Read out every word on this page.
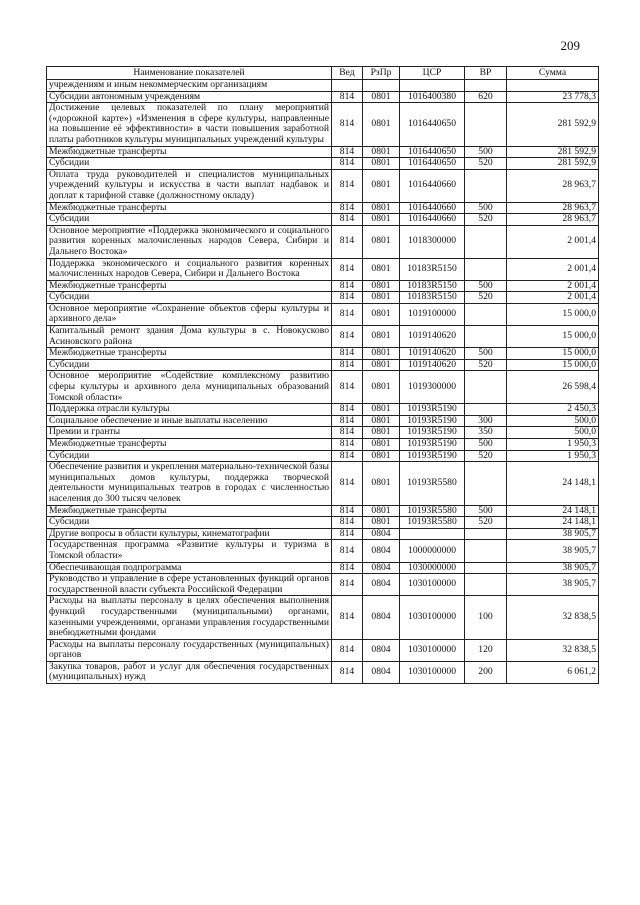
209
Наименование показателей	Вед	РзПр	ЦСР	ВР	Сумма
учреждениям и иным некоммерческим организациям					
Субсидии автономным учреждениям	814	0801	1016400380	620	23 778,3
Достижение целевых показателей по плану мероприятий («дорожной карте») «Изменения в сфере культуры, направленные на повышение её эффективности» в части повышения заработной платы работников культуры муниципальных учреждений культуры	814	0801	1016440650		281 592,9
Межбюджетные трансферты	814	0801	1016440650	500	281 592,9
Субсидии	814	0801	1016440650	520	281 592,9
Оплата труда руководителей и специалистов муниципальных учреждений культуры и искусства в части выплат надбавок и доплат к тарифной ставке (должностному окладу)	814	0801	1016440660		28 963,7
Межбюджетные трансферты	814	0801	1016440660	500	28 963,7
Субсидии	814	0801	1016440660	520	28 963,7
Основное мероприятие «Поддержка экономического и социального развития коренных малочисленных народов Севера, Сибири и Дальнего Востока»	814	0801	1018300000		2 001,4
Поддержка экономического и социального развития коренных малочисленных народов Севера, Сибири и Дальнего Востока	814	0801	10183R5150		2 001,4
Межбюджетные трансферты	814	0801	10183R5150	500	2 001,4
Субсидии	814	0801	10183R5150	520	2 001,4
Основное мероприятие «Сохранение объектов сферы культуры и архивного дела»	814	0801	1019100000		15 000,0
Капитальный ремонт здания Дома культуры в с. Новокусково Асиновского района	814	0801	1019140620		15 000,0
Межбюджетные трансферты	814	0801	1019140620	500	15 000,0
Субсидии	814	0801	1019140620	520	15 000,0
Основное мероприятие «Содействие комплексному развитию сферы культуры и архивного дела муниципальных образований Томской области»	814	0801	1019300000		26 598,4
Поддержка отрасли культуры	814	0801	10193R5190		2 450,3
Социальное обеспечение и иные выплаты населению	814	0801	10193R5190	300	500,0
Премии и гранты	814	0801	10193R5190	350	500,0
Межбюджетные трансферты	814	0801	10193R5190	500	1 950,3
Субсидии	814	0801	10193R5190	520	1 950,3
Обеспечение развития и укрепления материально-технической базы муниципальных домов культуры, поддержка творческой деятельности муниципальных театров в городах с численностью населения до 300 тысяч человек	814	0801	10193R5580		24 148,1
Межбюджетные трансферты	814	0801	10193R5580	500	24 148,1
Субсидии	814	0801	10193R5580	520	24 148,1
Другие вопросы в области культуры, кинематографии	814	0804			38 905,7
Государственная программа «Развитие культуры и туризма в Томской области»	814	0804	1000000000		38 905,7
Обеспечивающая подпрограмма	814	0804	1030000000		38 905,7
Руководство и управление в сфере установленных функций органов государственной власти субъекта Российской Федерации	814	0804	1030100000		38 905,7
Расходы на выплаты персоналу в целях обеспечения выполнения функций государственными (муниципальными) органами, казенными учреждениями, органами управления государственными внебюджетными фондами	814	0804	1030100000	100	32 838,5
Расходы на выплаты персоналу государственных (муниципальных) органов	814	0804	1030100000	120	32 838,5
Закупка товаров, работ и услуг для обеспечения государственных (муниципальных) нужд	814	0804	1030100000	200	6 061,2
